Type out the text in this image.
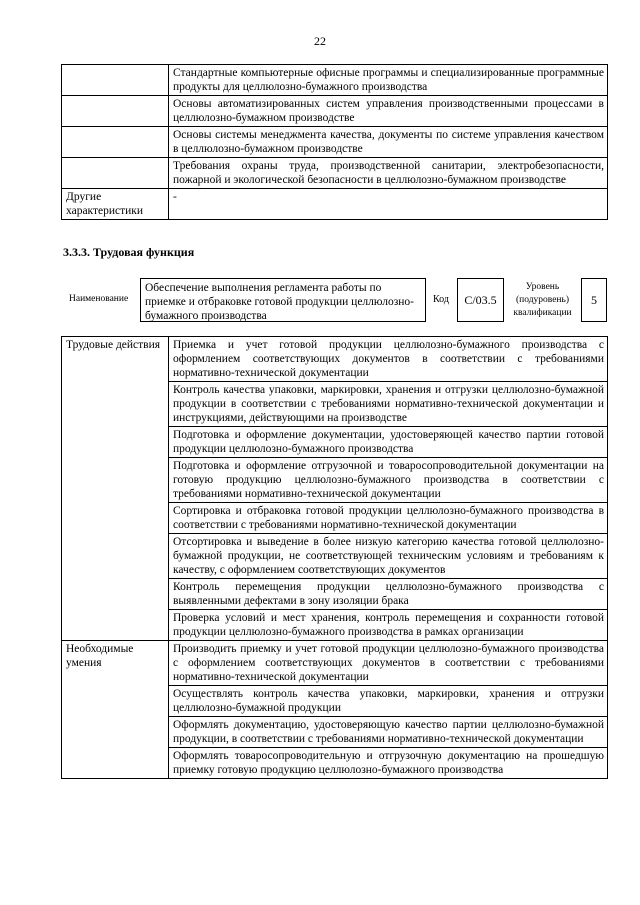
22
	Стандартные компьютерные офисные программы и специализированные программные продукты для целлюлозно-бумажного производства
	Основы автоматизированных систем управления производственными процессами в целлюлозно-бумажном производстве
	Основы системы менеджмента качества, документы по системе управления качеством в целлюлозно-бумажном производстве
	Требования охраны труда, производственной санитарии, электробезопасности, пожарной и экологической безопасности в целлюлозно-бумажном производстве
Другие характеристики	-
3.3.3. Трудовая функция
Наименование
Обеспечение выполнения регламента работы по приемке и отбраковке готовой продукции целлюлозно-бумажного производства
Код	C/03.5
Уровень (подуровень) квалификации
5
Трудовые действия	Приемка и учет готовой продукции целлюлозно-бумажного производства с оформлением соответствующих документов в соответствии с требованиями нормативно-технической документации
	Контроль качества упаковки, маркировки, хранения и отгрузки целлюлозно-бумажной продукции в соответствии с требованиями нормативно-технической документации и инструкциями, действующими на производстве
	Подготовка и оформление документации, удостоверяющей качество партии готовой продукции целлюлозно-бумажного производства
	Подготовка и оформление отгрузочной и товаросопроводительной документации на готовую продукцию целлюлозно-бумажного производства в соответствии с требованиями нормативно-технической документации
	Сортировка и отбраковка готовой продукции целлюлозно-бумажного производства в соответствии с требованиями нормативно-технической документации
	Отсортировка и выведение в более низкую категорию качества готовой целлюлозно-бумажной продукции, не соответствующей техническим условиям и требованиям к качеству, с оформлением соответствующих документов
	Контроль перемещения продукции целлюлозно-бумажного производства с выявленными дефектами в зону изоляции брака
	Проверка условий и мест хранения, контроль перемещения и сохранности готовой продукции целлюлозно-бумажного производства в рамках организации
Необходимые умения	Производить приемку и учет готовой продукции целлюлозно-бумажного производства с оформлением соответствующих документов в соответствии с требованиями нормативно-технической документации
	Осуществлять контроль качества упаковки, маркировки, хранения и отгрузки целлюлозно-бумажной продукции
	Оформлять документацию, удостоверяющую качество партии целлюлозно-бумажной продукции, в соответствии с требованиями нормативно-технической документации
	Оформлять товаросопроводительную и отгрузочную документацию на прошедшую приемку готовую продукцию целлюлозно-бумажного производства
